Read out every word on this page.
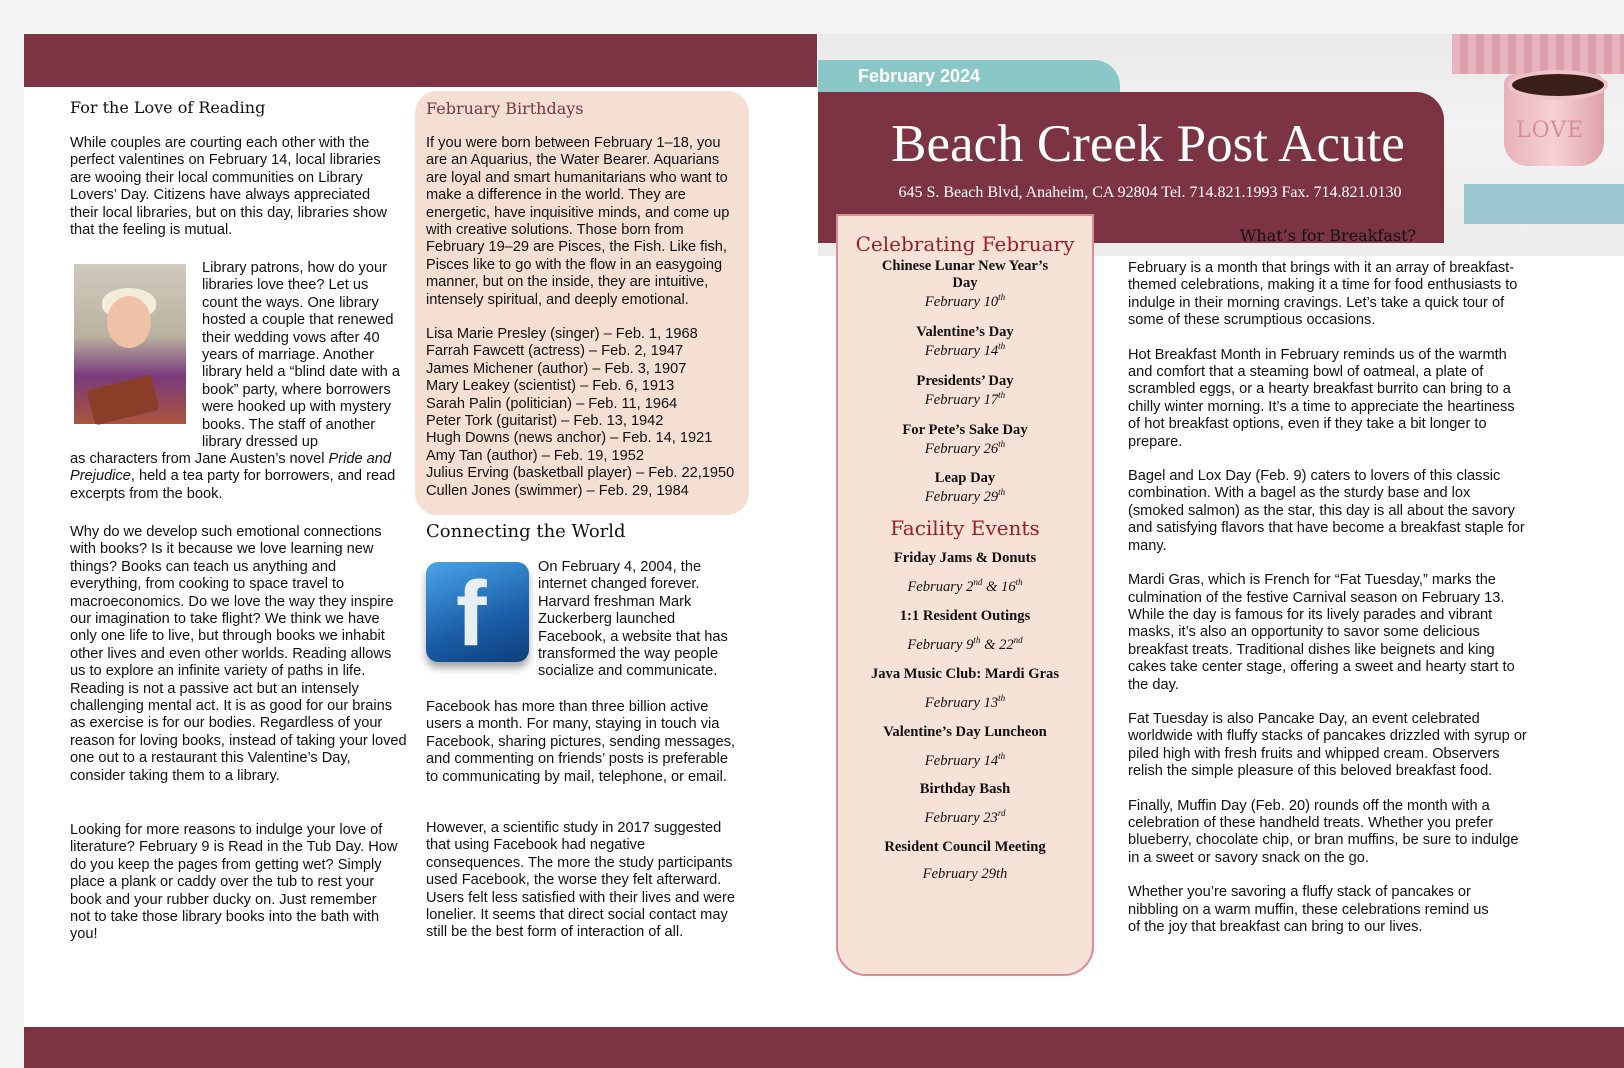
LOVE
February 2024
Beach Creek Post Acute
645 S. Beach Blvd, Anaheim, CA 92804 Tel. 714.821.1993 Fax. 714.821.0130
For the Love of Reading

While couples are courting each other with the perfect valentines on February 14, local libraries are wooing their local communities on Library Lovers’ Day. Citizens have always appreciated their local libraries, but on this day, libraries show that the feeling is mutual.

Library patrons, how do your libraries love thee? Let us count the ways. One library hosted a couple that renewed their wedding vows after 40 years of marriage. Another library held a “blind date with a book” party, where borrowers were hooked up with mystery books. The staff of another library dressed up

as characters from Jane Austen’s novel Pride and Prejudice, held a tea party for borrowers, and read excerpts from the book.

Why do we develop such emotional connections with books? Is it because we love learning new things? Books can teach us anything and everything, from cooking to space travel to macroeconomics. Do we love the way they inspire our imagination to take flight? We think we have only one life to live, but through books we inhabit other lives and even other worlds. Reading allows us to explore an infinite variety of paths in life. Reading is not a passive act but an intensely challenging mental act. It is as good for our brains as exercise is for our bodies. Regardless of your reason for loving books, instead of taking your loved one out to a restaurant this Valentine’s Day, consider taking them to a library.

Looking for more reasons to indulge your love of literature? February 9 is Read in the Tub Day. How do you keep the pages from getting wet? Simply place a plank or caddy over the tub to rest your book and your rubber ducky on. Just remember not to take those library books into the bath with you!

February Birthdays

If you were born between February 1–18, you are an Aquarius, the Water Bearer. Aquarians are loyal and smart humanitarians who want to make a difference in the world. They are energetic, have inquisitive minds, and come up with creative solutions. Those born from February 19–29 are Pisces, the Fish. Like fish, Pisces like to go with the flow in an easygoing manner, but on the inside, they are intuitive, intensely spiritual, and deeply emotional.

Lisa Marie Presley (singer) – Feb. 1, 1968

Farrah Fawcett (actress) – Feb. 2, 1947

James Michener (author) – Feb. 3, 1907

Mary Leakey (scientist) – Feb. 6, 1913

Sarah Palin (politician) – Feb. 11, 1964

Peter Tork (guitarist) – Feb. 13, 1942

Hugh Downs (news anchor) – Feb. 14, 1921

Amy Tan (author) – Feb. 19, 1952

Julius Erving (basketball player) – Feb. 22,1950

Cullen Jones (swimmer) – Feb. 29, 1984

Connecting the World
f	On February 4, 2004, the internet changed forever. Harvard freshman Mark Zuckerberg launched Facebook, a website that has transformed the way people socialize and communicate.

Facebook has more than three billion active users a month. For many, staying in touch via Facebook, sharing pictures, sending messages, and commenting on friends’ posts is preferable to communicating by mail, telephone, or email.

However, a scientific study in 2017 suggested that using Facebook had negative consequences. The more the study participants used Facebook, the worse they felt afterward. Users felt less satisfied with their lives and were lonelier. It seems that direct social contact may still be the best form of interaction of all.

Celebrating February
Chinese Lunar New Year’s Day
February 10th
Valentine’s Day
February 14th
Presidents’ Day
February 17th
For Pete’s Sake Day
February 26th
Leap Day
February 29th
Facility Events
Friday Jams & Donuts
February 2nd & 16th
1:1 Resident Outings
February 9th & 22nd
Java Music Club: Mardi Gras
February 13th
Valentine’s Day Luncheon
February 14th
Birthday Bash
February 23rd
Resident Council Meeting
February 29th
What’s for Breakfast?

February is a month that brings with it an array of breakfast-themed celebrations, making it a time for food enthusiasts to indulge in their morning cravings. Let’s take a quick tour of some of these scrumptious occasions.

Hot Breakfast Month in February reminds us of the warmth and comfort that a steaming bowl of oatmeal, a plate of scrambled eggs, or a hearty breakfast burrito can bring to a chilly winter morning. It’s a time to appreciate the heartiness of hot breakfast options, even if they take a bit longer to prepare.

Bagel and Lox Day (Feb. 9) caters to lovers of this classic combination. With a bagel as the sturdy base and lox (smoked salmon) as the star, this day is all about the savory and satisfying flavors that have become a breakfast staple for many.

Mardi Gras, which is French for “Fat Tuesday,” marks the culmination of the festive Carnival season on February 13. While the day is famous for its lively parades and vibrant masks, it’s also an opportunity to savor some delicious breakfast treats. Traditional dishes like beignets and king cakes take center stage, offering a sweet and hearty start to the day.

Fat Tuesday is also Pancake Day, an event celebrated worldwide with fluffy stacks of pancakes drizzled with syrup or piled high with fresh fruits and whipped cream. Observers relish the simple pleasure of this beloved breakfast food.

Finally, Muffin Day (Feb. 20) rounds off the month with a celebration of these handheld treats. Whether you prefer blueberry, chocolate chip, or bran muffins, be sure to indulge in a sweet or savory snack on the go.

Whether you’re savoring a fluffy stack of pancakes or nibbling on a warm muffin, these celebrations remind us of the joy that breakfast can bring to our lives.
